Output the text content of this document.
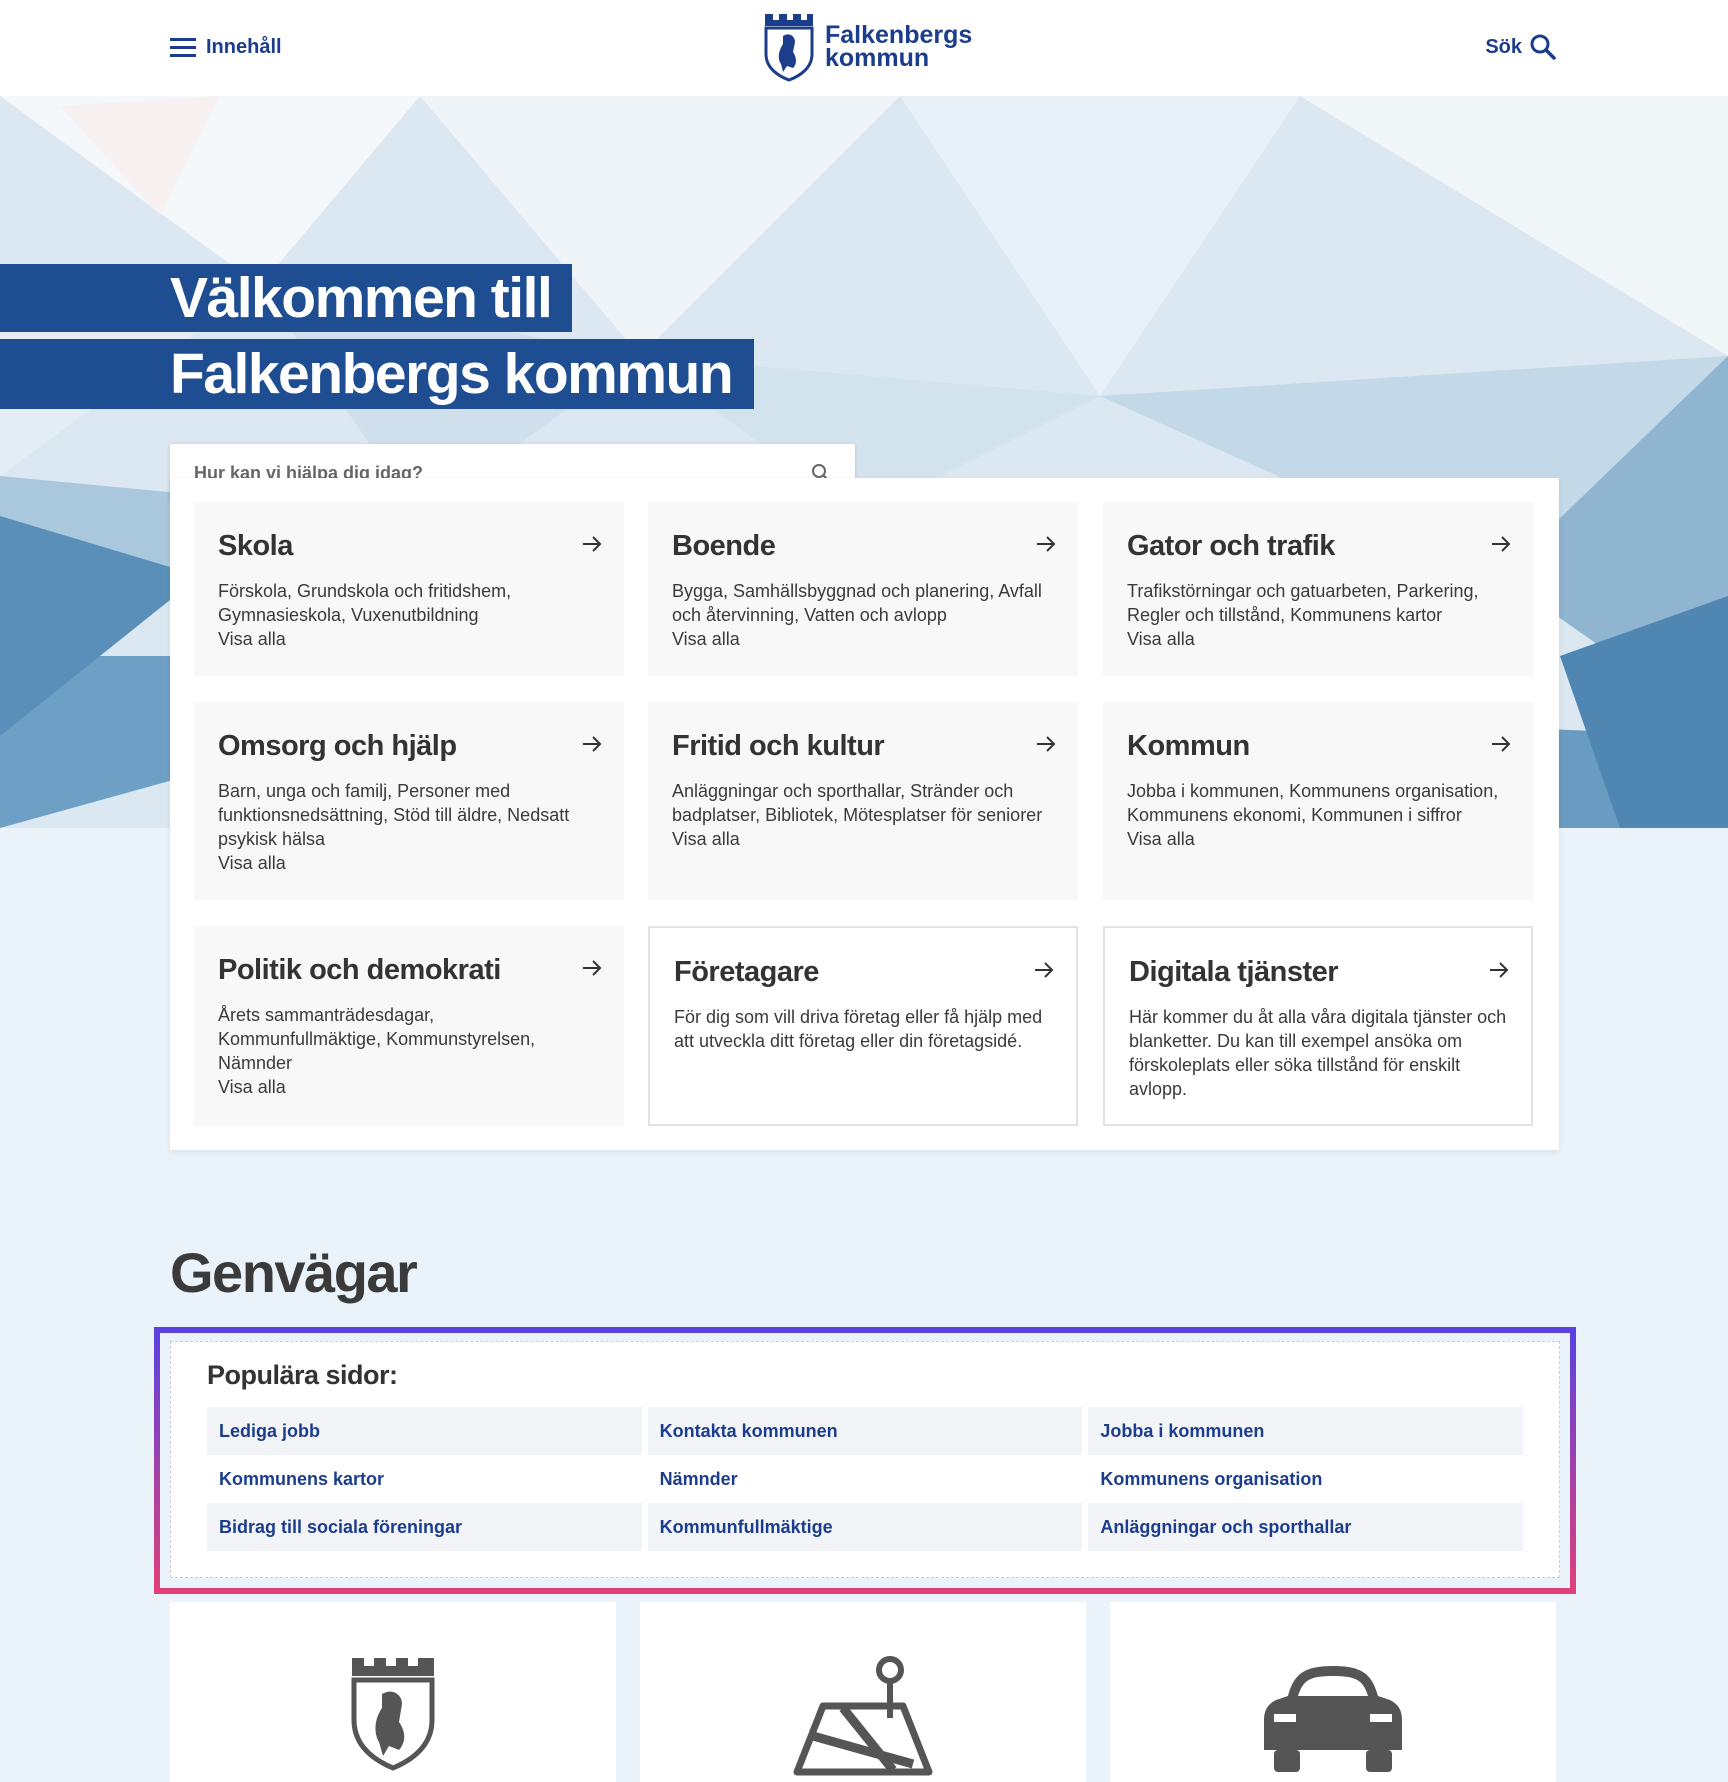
Innehåll	Falkenbergs
kommun	Sök
Välkommen till
Falkenbergs kommun
Hur kan vi hjälpa dig idag?
Skola

Förskola, Grundskola och fritidshem, Gymnasieskola, Vuxenutbildning

Visa alla
Boende

Bygga, Samhällsbyggnad och planering, Avfall och återvinning, Vatten och avlopp

Visa alla
Gator och trafik

Trafikstörningar och gatuarbeten, Parkering, Regler och tillstånd, Kommunens kartor

Visa alla
Omsorg och hjälp

Barn, unga och familj, Personer med funktionsnedsättning, Stöd till äldre, Nedsatt psykisk hälsa

Visa alla
Fritid och kultur

Anläggningar och sporthallar, Stränder och badplatser, Bibliotek, Mötesplatser för seniorer

Visa alla
Kommun

Jobba i kommunen, Kommunens organisation, Kommunens ekonomi, Kommunen i siffror

Visa alla
Politik och demokrati

Årets sammanträdesdagar, Kommunfullmäktige, Kommunstyrelsen, Nämnder

Visa alla
Företagare

För dig som vill driva företag eller få hjälp med att utveckla ditt företag eller din företagsidé.

Digitala tjänster

Här kommer du åt alla våra digitala tjänster och blanketter. Du kan till exempel ansöka om förskoleplats eller söka tillstånd för enskilt avlopp.

Genvägar
Populära sidor:
Lediga jobb	Kontakta kommunen	Jobba i kommunen
Kommunens kartor	Nämnder	Kommunens organisation
Bidrag till sociala föreningar	Kommunfullmäktige	Anläggningar och sporthallar
